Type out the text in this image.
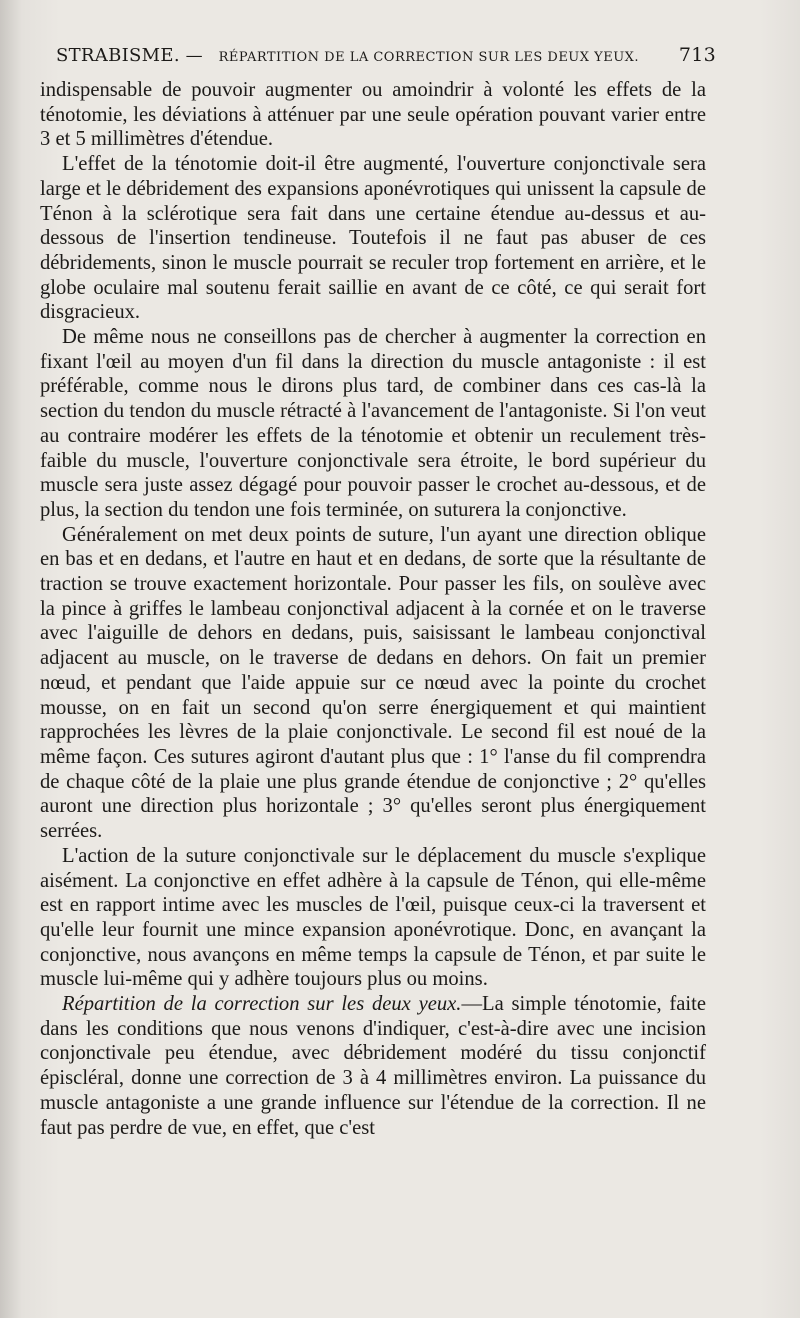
STRABISME. — RÉPARTITION DE LA CORRECTION SUR LES DEUX YEUX.	713

indispensable de pouvoir augmenter ou amoindrir à volonté les effets de la ténotomie, les déviations à atténuer par une seule opération pouvant varier entre 3 et 5 millimètres d'étendue.

L'effet de la ténotomie doit-il être augmenté, l'ouverture conjonctivale sera large et le débridement des expansions aponévrotiques qui unissent la capsule de Ténon à la sclérotique sera fait dans une certaine étendue au-dessus et au-dessous de l'insertion tendineuse. Toutefois il ne faut pas abuser de ces débridements, sinon le muscle pourrait se reculer trop fortement en arrière, et le globe oculaire mal soutenu ferait saillie en avant de ce côté, ce qui serait fort disgracieux.

De même nous ne conseillons pas de chercher à augmenter la correction en fixant l'œil au moyen d'un fil dans la direction du muscle antagoniste : il est préférable, comme nous le dirons plus tard, de combiner dans ces cas-là la section du tendon du muscle rétracté à l'avancement de l'antagoniste. Si l'on veut au contraire modérer les effets de la ténotomie et obtenir un reculement très-faible du muscle, l'ouverture conjonctivale sera étroite, le bord supérieur du muscle sera juste assez dégagé pour pouvoir passer le crochet au-dessous, et de plus, la section du tendon une fois terminée, on suturera la conjonctive.

Généralement on met deux points de suture, l'un ayant une direction oblique en bas et en dedans, et l'autre en haut et en dedans, de sorte que la résultante de traction se trouve exactement horizontale. Pour passer les fils, on soulève avec la pince à griffes le lambeau conjonctival adjacent à la cornée et on le traverse avec l'aiguille de dehors en dedans, puis, saisissant le lambeau conjonctival adjacent au muscle, on le traverse de dedans en dehors. On fait un premier nœud, et pendant que l'aide appuie sur ce nœud avec la pointe du crochet mousse, on en fait un second qu'on serre énergiquement et qui maintient rapprochées les lèvres de la plaie conjonctivale. Le second fil est noué de la même façon. Ces sutures agiront d'autant plus que : 1° l'anse du fil comprendra de chaque côté de la plaie une plus grande étendue de conjonctive ; 2° qu'elles auront une direction plus horizontale ; 3° qu'elles seront plus énergiquement serrées.

L'action de la suture conjonctivale sur le déplacement du muscle s'explique aisément. La conjonctive en effet adhère à la capsule de Ténon, qui elle-même est en rapport intime avec les muscles de l'œil, puisque ceux-ci la traversent et qu'elle leur fournit une mince expansion aponévrotique. Donc, en avançant la conjonctive, nous avançons en même temps la capsule de Ténon, et par suite le muscle lui-même qui y adhère toujours plus ou moins.

Répartition de la correction sur les deux yeux.—La simple ténotomie, faite dans les conditions que nous venons d'indiquer, c'est-à-dire avec une incision conjonctivale peu étendue, avec débridement modéré du tissu conjonctif épiscléral, donne une correction de 3 à 4 millimètres environ. La puissance du muscle antagoniste a une grande influence sur l'étendue de la correction. Il ne faut pas perdre de vue, en effet, que c'est
